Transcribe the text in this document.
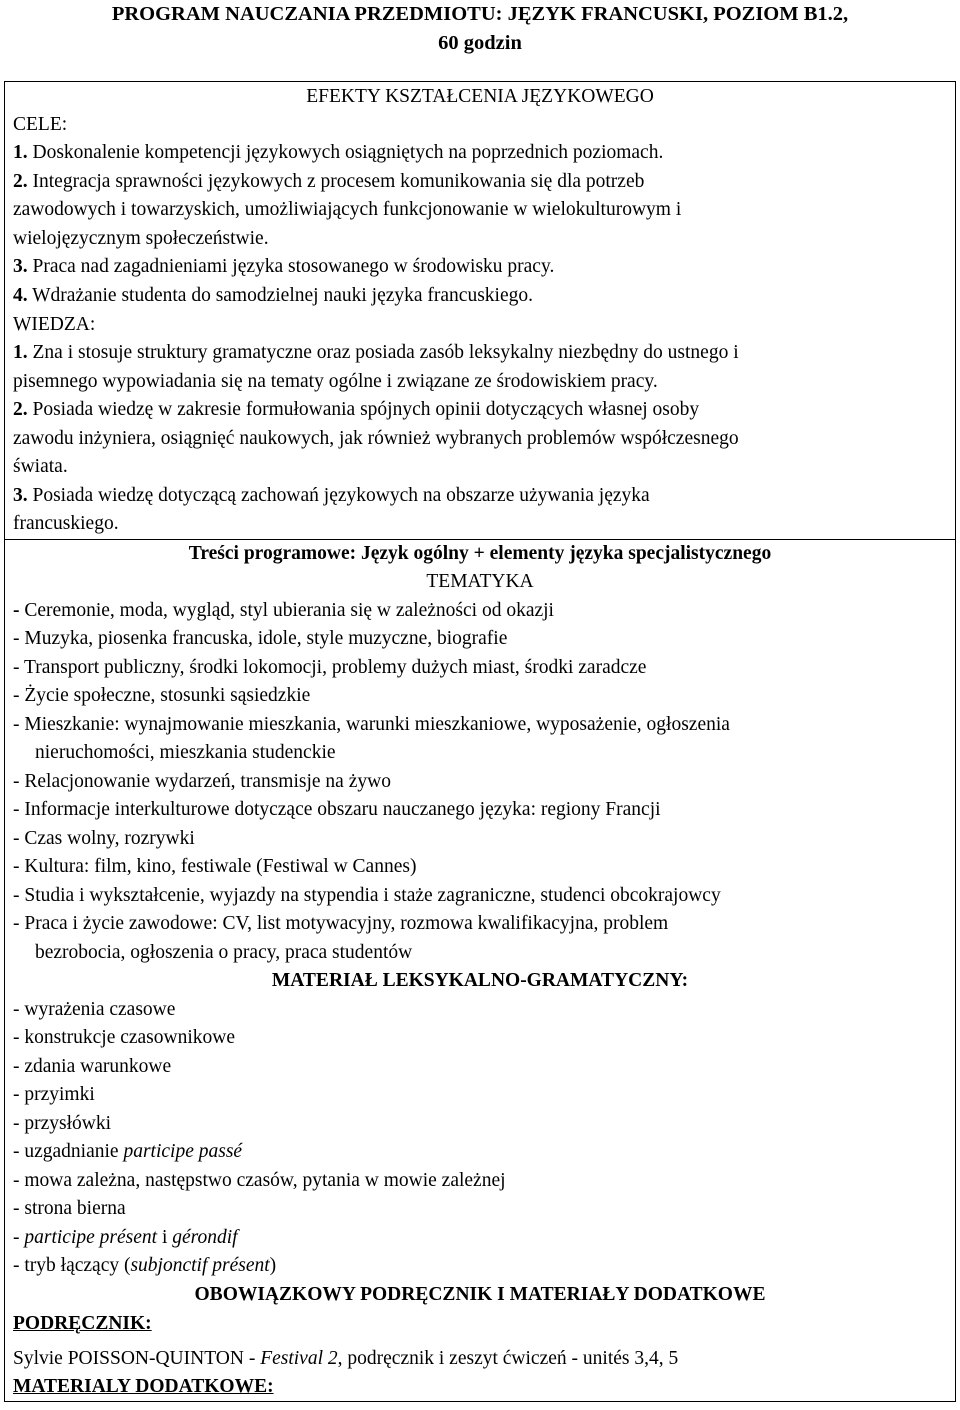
PROGRAM NAUCZANIA PRZEDMIOTU: JĘZYK FRANCUSKI, POZIOM B1.2,
60 godzin
EFEKTY KSZTAŁCENIA JĘZYKOWEGO
CELE:
1. Doskonalenie kompetencji językowych osiągniętych na poprzednich poziomach.
2. Integracja sprawności językowych z procesem komunikowania się dla potrzeb
zawodowych i towarzyskich, umożliwiających funkcjonowanie w wielokulturowym i
wielojęzycznym społeczeństwie.
3. Praca nad zagadnieniami języka stosowanego w środowisku pracy.
4. Wdrażanie studenta do samodzielnej nauki języka francuskiego.
WIEDZA:
1. Zna i stosuje struktury gramatyczne oraz posiada zasób leksykalny niezbędny do ustnego i
pisemnego wypowiadania się na tematy ogólne i związane ze środowiskiem pracy.
2. Posiada wiedzę w zakresie formułowania spójnych opinii dotyczących własnej osoby
zawodu inżyniera, osiągnięć naukowych, jak również wybranych problemów współczesnego
świata.
3. Posiada wiedzę dotyczącą zachowań językowych na obszarze używania języka
francuskiego.
Treści programowe: Język ogólny + elementy języka specjalistycznego
TEMATYKA
- Ceremonie, moda, wygląd, styl ubierania się w zależności od okazji
- Muzyka, piosenka francuska, idole, style muzyczne, biografie
- Transport publiczny, środki lokomocji, problemy dużych miast, środki zaradcze
- Życie społeczne, stosunki sąsiedzkie
- Mieszkanie: wynajmowanie mieszkania, warunki mieszkaniowe, wyposażenie, ogłoszenia
nieruchomości, mieszkania studenckie
- Relacjonowanie wydarzeń, transmisje na żywo
- Informacje interkulturowe dotyczące obszaru nauczanego języka: regiony Francji
- Czas wolny, rozrywki
- Kultura: film, kino, festiwale (Festiwal w Cannes)
- Studia i wykształcenie, wyjazdy na stypendia i staże zagraniczne, studenci obcokrajowcy
- Praca i życie zawodowe: CV, list motywacyjny, rozmowa kwalifikacyjna, problem
bezrobocia, ogłoszenia o pracy, praca studentów
MATERIAŁ LEKSYKALNO-GRAMATYCZNY:
- wyrażenia czasowe
- konstrukcje czasownikowe
- zdania warunkowe
- przyimki
- przysłówki
- uzgadnianie participe passé
- mowa zależna, następstwo czasów, pytania w mowie zależnej
- strona bierna
- participe présent i gérondif
- tryb łączący (subjonctif présent)
OBOWIĄZKOWY PODRĘCZNIK I MATERIAŁY DODATKOWE
PODRĘCZNIK:
Sylvie POISSON-QUINTON - Festival 2, podręcznik i zeszyt ćwiczeń - unités 3,4, 5
MATERIALY DODATKOWE:
